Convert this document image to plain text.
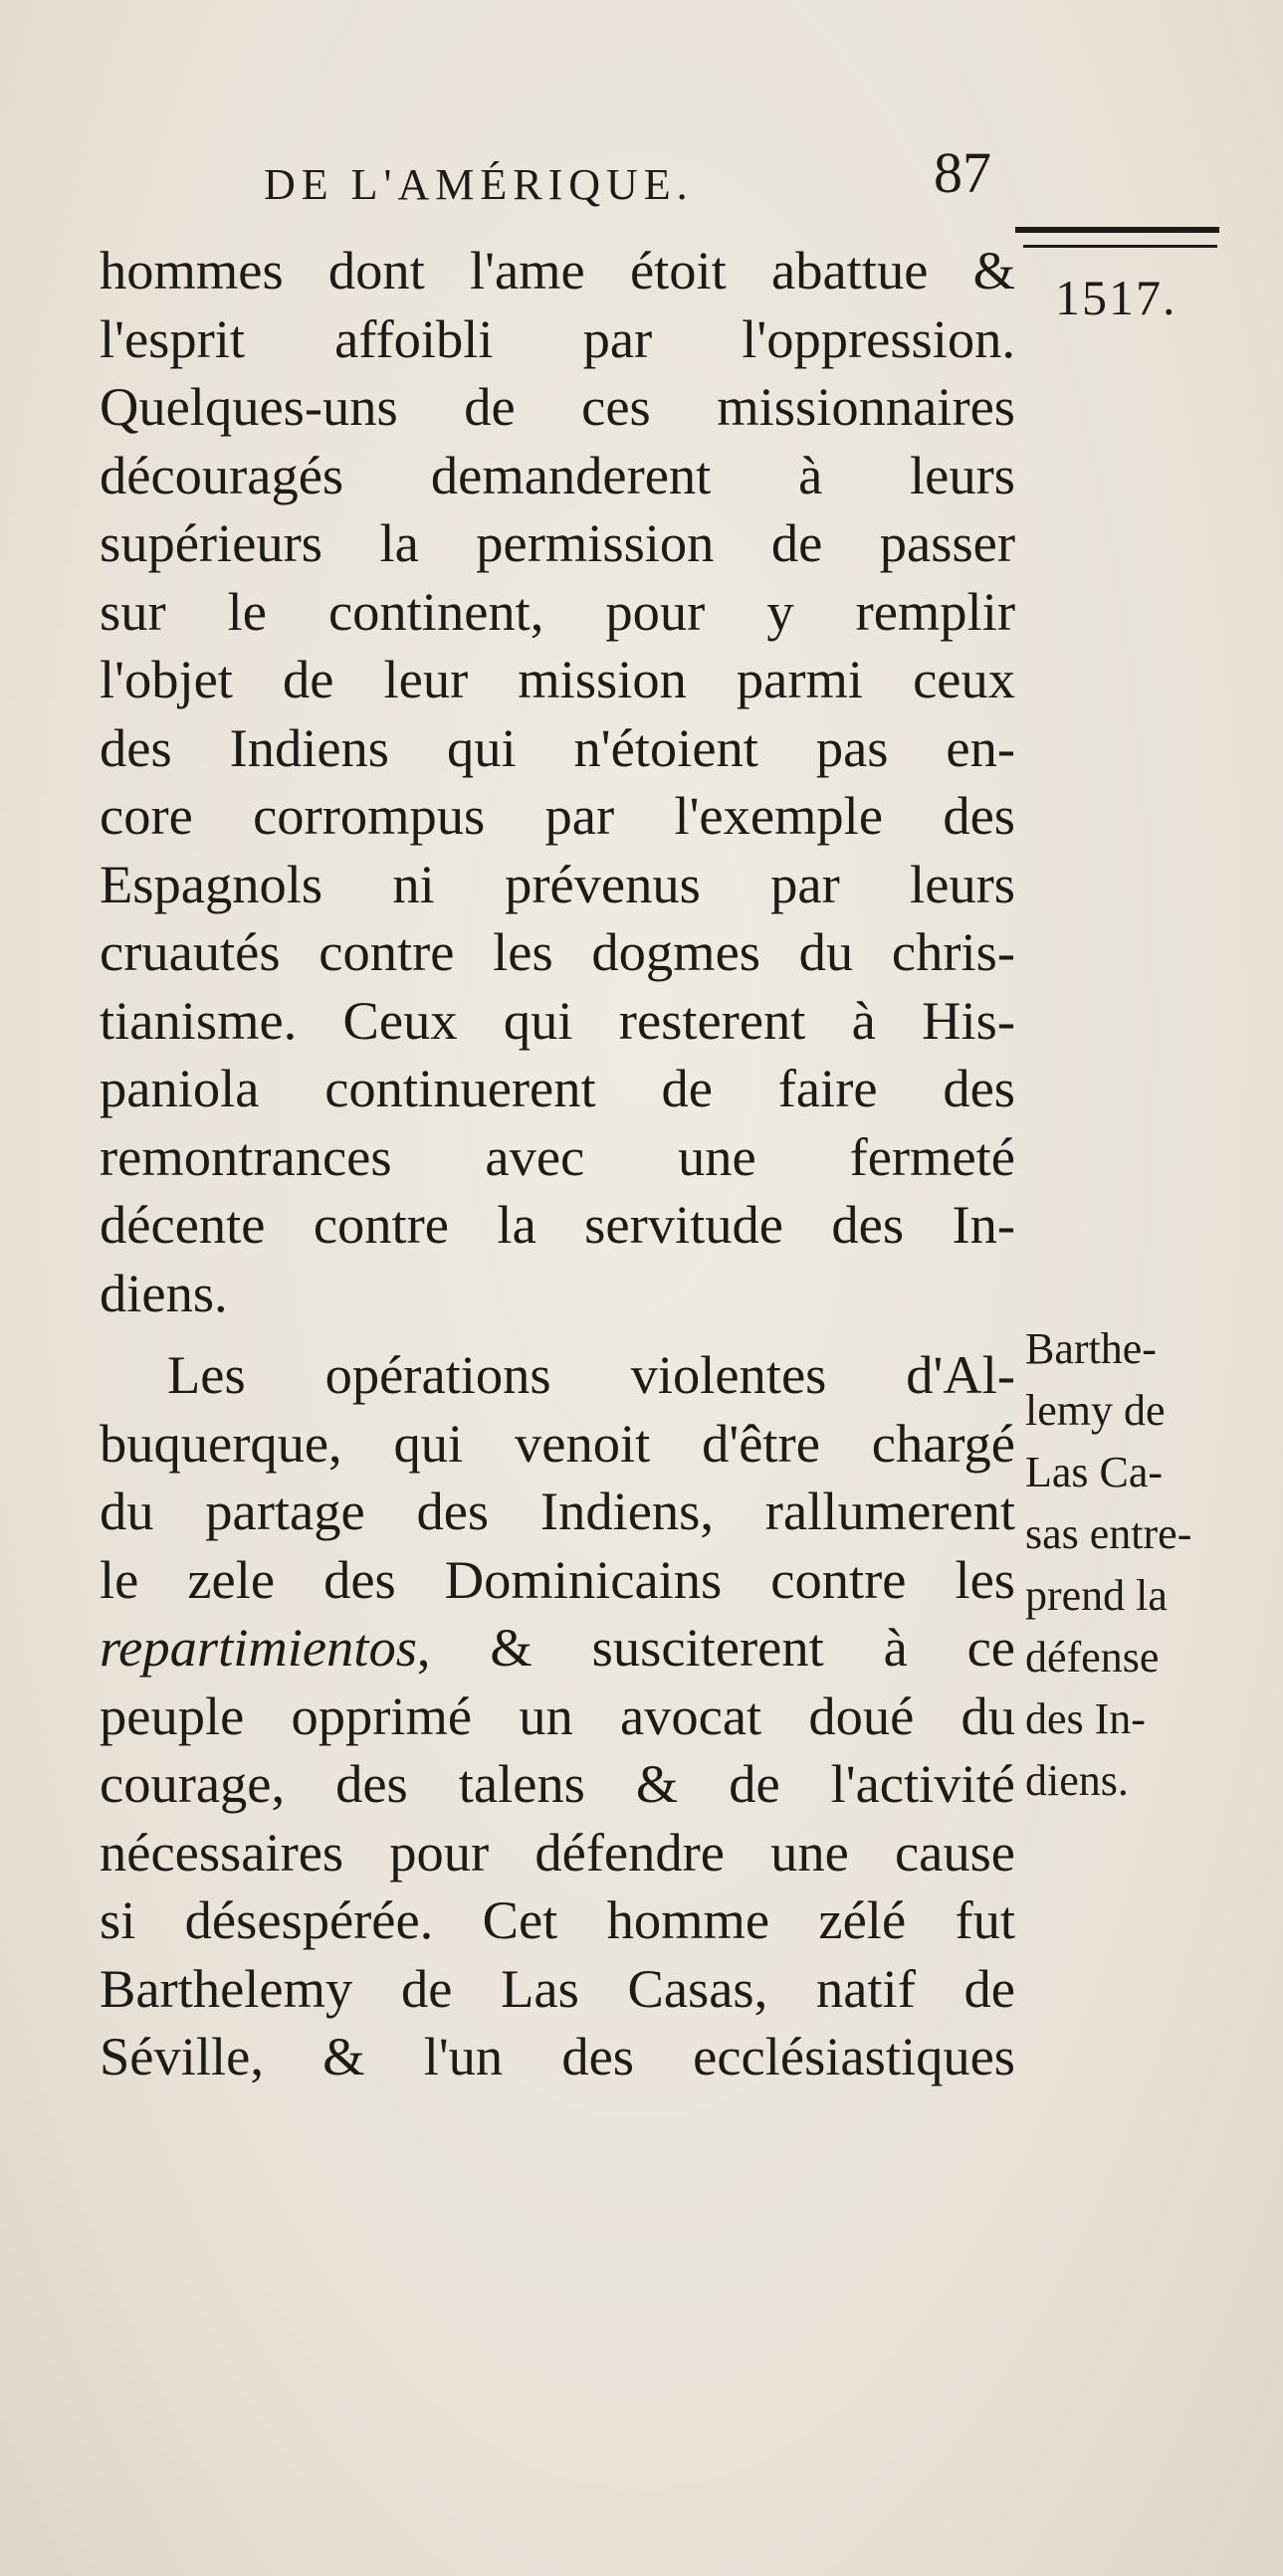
DE L'AMÉRIQUE.	87
1517.
hommes dont l'ame étoit abattue &
l'esprit affoibli par l'oppression.
Quelques-uns de ces missionnaires
découragés demanderent à leurs
supérieurs la permission de passer
sur le continent, pour y remplir
l'objet de leur mission parmi ceux
des Indiens qui n'étoient pas en-
core corrompus par l'exemple des
Espagnols ni prévenus par leurs
cruautés contre les dogmes du chris-
tianisme. Ceux qui resterent à His-
paniola continuerent de faire des
remontrances avec une fermeté
décente contre la servitude des In-
diens.
Les opérations violentes d'Al-
buquerque, qui venoit d'être chargé
du partage des Indiens, rallumerent
le zele des Dominicains contre les
repartimientos, & susciterent à ce
peuple opprimé un avocat doué du
courage, des talens & de l'activité
nécessaires pour défendre une cause
si désespérée. Cet homme zélé fut
Barthelemy de Las Casas, natif de
Séville, & l'un des ecclésiastiques
Barthe-
lemy de
Las Ca-
sas entre-
prend la
défense
des In-
diens.
